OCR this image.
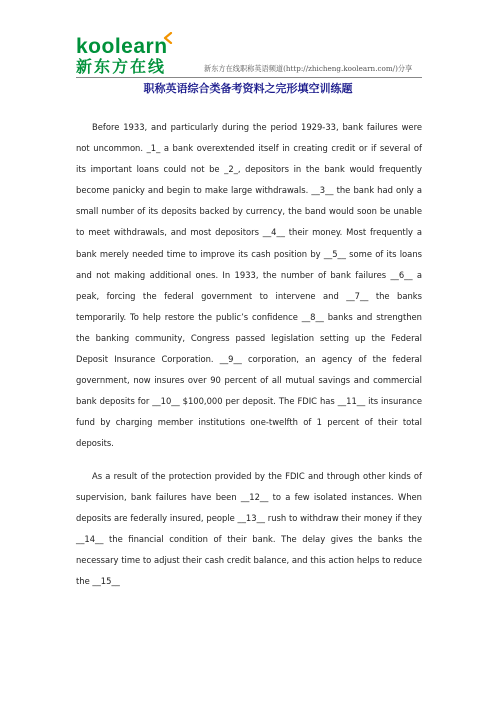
koolearn
新东方在线	新东方在线职称英语频道(http://zhicheng.koolearn.com/)分享
职称英语综合类备考资料之完形填空训练题

Before 1933, and particularly during the period 1929-33, bank failures were not uncommon. _1_ a bank overextended itself in creating credit or if several of its important loans could not be _2_, depositors in the bank would frequently become panicky and begin to make large withdrawals. __3__ the bank had only a small number of its deposits backed by currency, the band would soon be unable to meet withdrawals, and most depositors __4__ their money. Most frequently a bank merely needed time to improve its cash position by __5__ some of its loans and not making additional ones. In 1933, the number of bank failures __6__ a peak, forcing the federal government to intervene and __7__ the banks temporarily. To help restore the public’s confidence __8__ banks and strengthen the banking community, Congress passed legislation setting up the Federal Deposit Insurance Corporation. __9__ corporation, an agency of the federal government, now insures over 90 percent of all mutual savings and commercial bank deposits for __10__ $100,000 per deposit. The FDIC has __11__ its insurance fund by charging member institutions one-twelfth of 1 percent of their total deposits.

As a result of the protection provided by the FDIC and through other kinds of supervision, bank failures have been __12__ to a few isolated instances. When deposits are federally insured, people __13__ rush to withdraw their money if they __14__ the financial condition of their bank. The delay gives the banks the necessary time to adjust their cash credit balance, and this action helps to reduce the __15__
